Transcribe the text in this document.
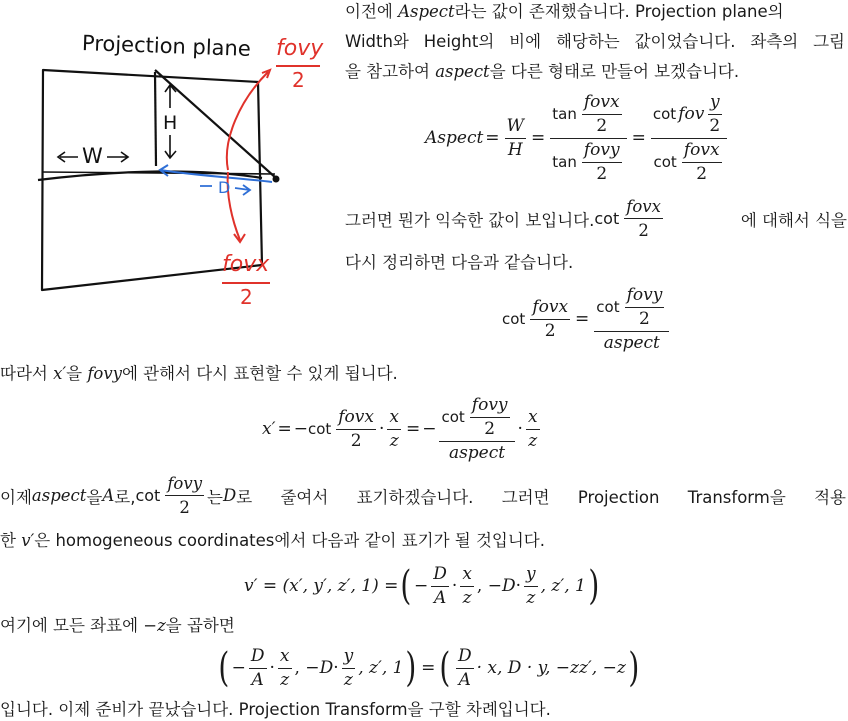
Projection plane
W
H
D
fovy
2
fovx
2
이전에 Aspect라는 값이 존재했습니다. Projection plane의
Width와 Height의 비에 해당하는 값이었습니다. 좌측의 그림
을 참고하여 aspect을 다른 형태로 만들어 보겠습니다.
Aspect = $\frac{W}{H} = \frac{\tan \frac{\text{fovx}}{2}}{\tan \frac{\text{fovy}}{2}} = \frac{\cot fov \frac{y}{2}}{\cot \frac{\text{fovx}}{2}}$
그러면 뭔가 익숙한 값이 보입니다. $\cot \frac{\text{fovx}}{2}$	에 대해서 식을
다시 정리하면 다음과 같습니다.
$\cot \frac{\text{fovx}}{2} = \frac{\cot \frac{\text{fovy}}{2}}{\text{aspect}}$
따라서 x′을 fovy에 관해서 다시 표현할 수 있게 됩니다.
x′ = − $\cot \frac{\text{fovx}}{2} \cdot \frac{x}{z}$ = − $\frac{\cot \frac{\text{fovy}}{2}}{\text{aspect}} \cdot \frac{x}{z}$
이제 aspect 을 A 로, $\cot \frac{\text{fovy}}{2}$ 는 D 로 줄여서 표기하겠습니다. 그러면 Projection Transform을 적용
한 v′은 homogeneous coordinates에서 다음과 같이 표기가 될 것입니다.
v′ = (x′, y′, z′, 1) = ( − $\frac{D}{A} \cdot \frac{x}{z}$ , − $D \cdot \frac{y}{z}$ , z′, 1 )
여기에 모든 좌표에 −z을 곱하면
( − $\frac{D}{A} \cdot \frac{x}{z}$ , − $D \cdot \frac{y}{z}$ , z′, 1 ) = ( $\frac{D}{A} \cdot x$, D · y, −zz′, −z )
입니다. 이제 준비가 끝났습니다. Projection Transform을 구할 차례입니다.
